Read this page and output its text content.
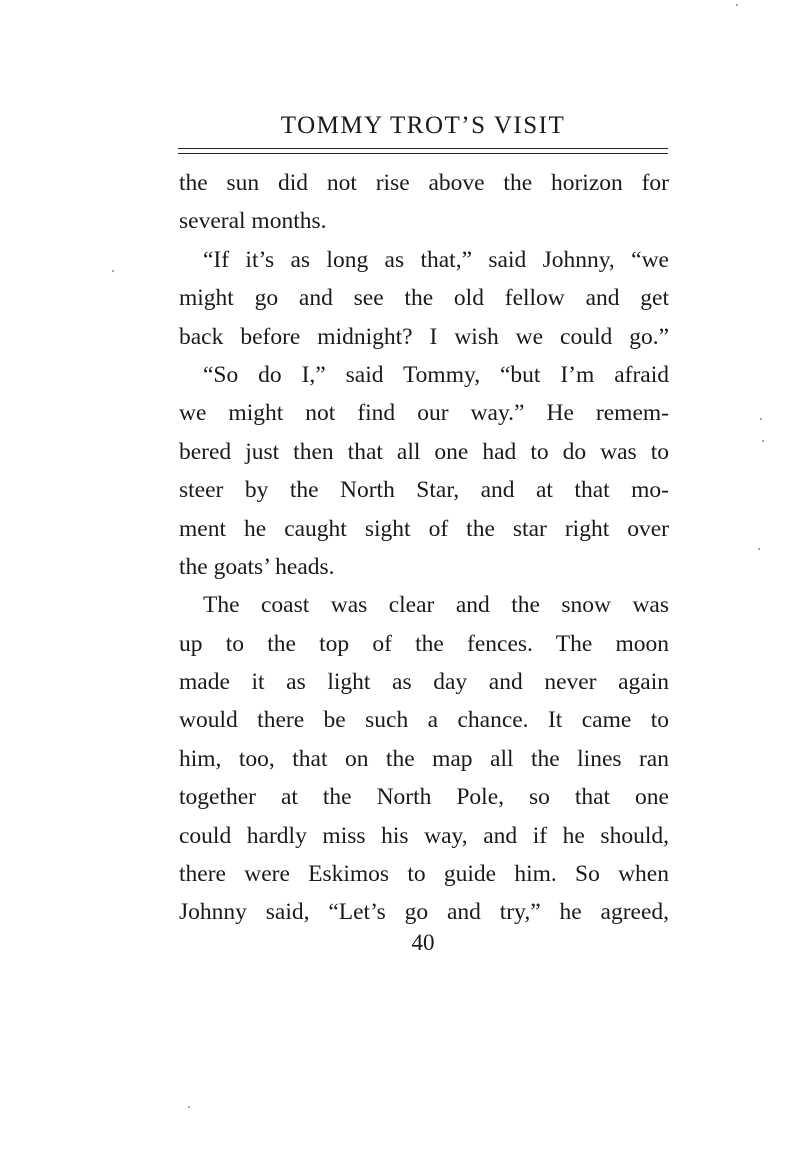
TOMMY TROT’S VISIT
the sun did not rise above the horizon for
several months.
“If it’s as long as that,” said Johnny, “we
might go and see the old fellow and get
back before midnight? I wish we could go.”
“So do I,” said Tommy, “but I’m afraid
we might not find our way.” He remem-
bered just then that all one had to do was to
steer by the North Star, and at that mo-
ment he caught sight of the star right over
the goats’ heads.
The coast was clear and the snow was
up to the top of the fences. The moon
made it as light as day and never again
would there be such a chance. It came to
him, too, that on the map all the lines ran
together at the North Pole, so that one
could hardly miss his way, and if he should,
there were Eskimos to guide him. So when
Johnny said, “Let’s go and try,” he agreed,
40
